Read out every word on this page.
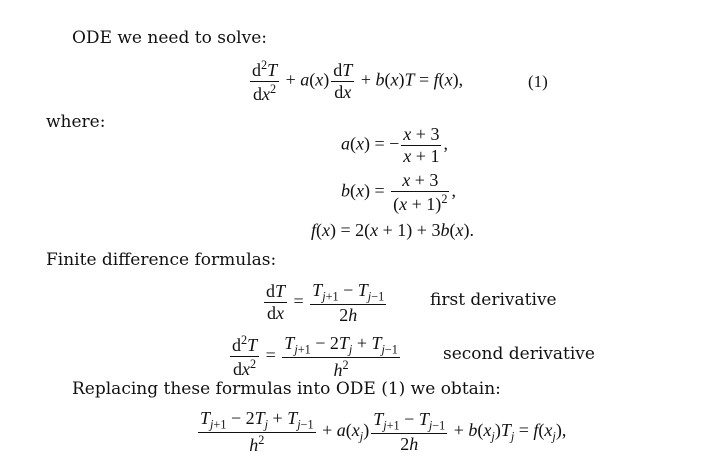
ODE we need to solve:
$\frac{d^2T}{dx^2} + a(x) \frac{dT}{dx} + b(x)T = f(x)$,	(1)
where:
a(x) = − $\frac{x + 3}{x + 1}$ ,
$b(x) = \frac{x + 3}{(x + 1)^2}$ ,
f(x) = 2(x + 1) + 3b(x).
Finite difference formulas:
$\frac{dT}{dx} = \frac{T_{j+1} - T_{j-1}}{2h}$	first derivative
$\frac{d^2T}{dx^2} = \frac{T_{j+1} - 2T_j + T_{j-1}}{h^2}$	second derivative
Replacing these formulas into ODE (1) we obtain:
$\frac{T_{j+1} - 2T_j + T_{j-1}}{h^2} + a(x_j) \frac{T_{j+1} - T_{j-1}}{2h} + b(x_j)T_j = f(x_j)$,
